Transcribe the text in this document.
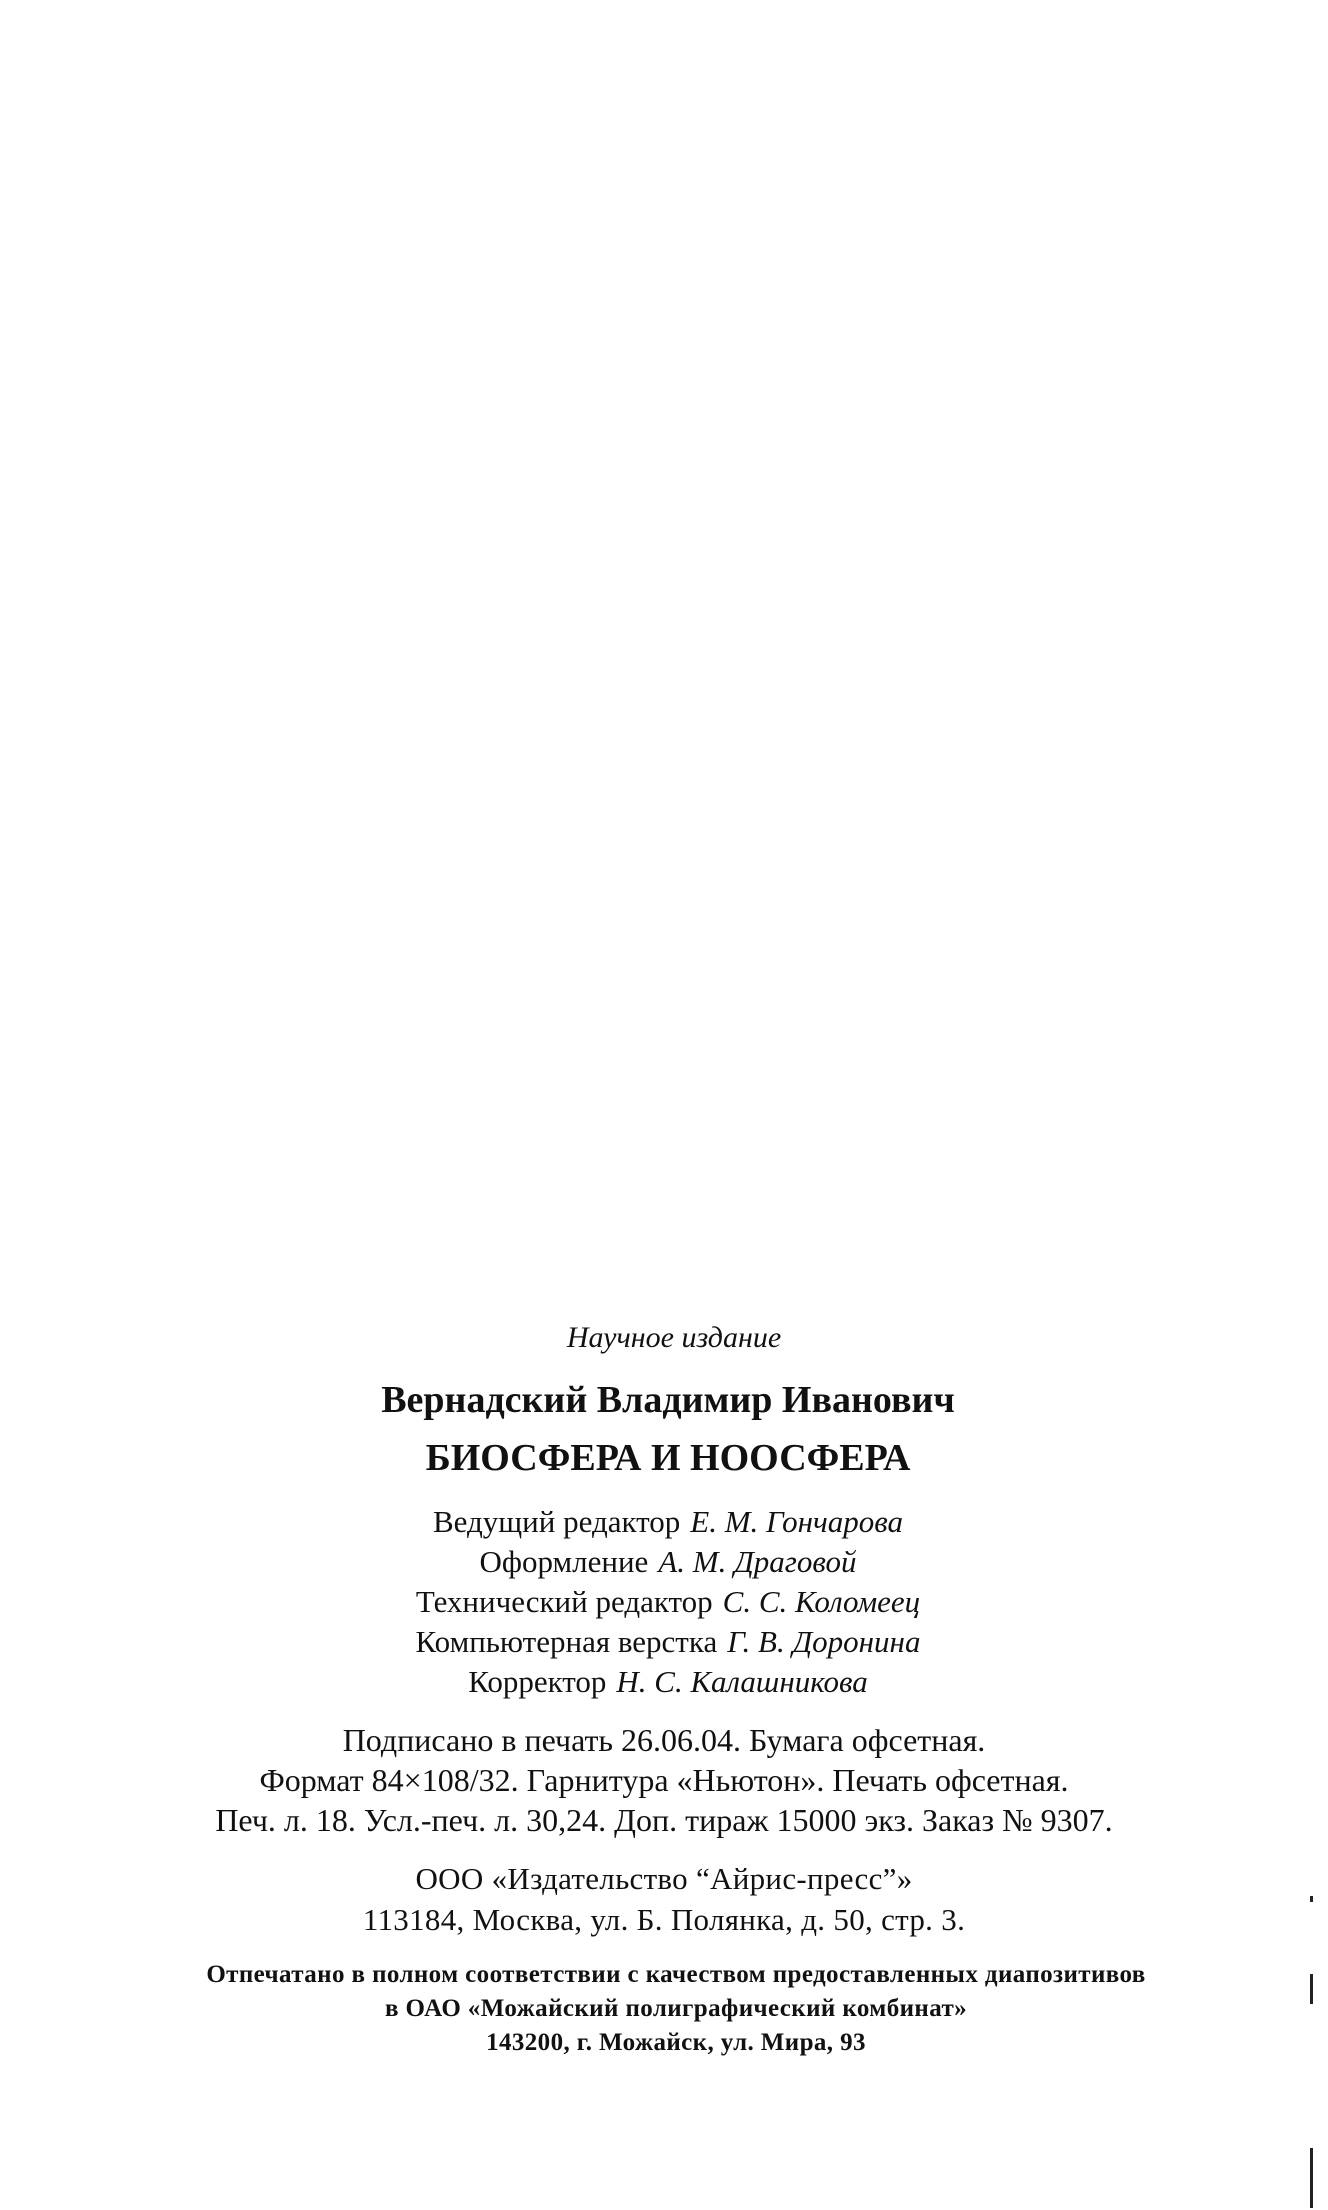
Научное издание
Вернадский Владимир Иванович
БИОСФЕРА И НООСФЕРА
Ведущий редактор Е. М. Гончарова
Оформление А. М. Драговой
Технический редактор С. С. Коломеец
Компьютерная верстка Г. В. Доронина
Корректор Н. С. Калашникова
Подписано в печать 26.06.04. Бумага офсетная.
Формат 84×108/32. Гарнитура «Ньютон». Печать офсетная.
Печ. л. 18. Усл.-печ. л. 30,24. Доп. тираж 15000 экз. Заказ № 9307.
ООО «Издательство “Айрис-пресс”»
113184, Москва, ул. Б. Полянка, д. 50, стр. 3.
Отпечатано в полном соответствии с качеством предоставленных диапозитивов
в ОАО «Можайский полиграфический комбинат»
143200, г. Можайск, ул. Мира, 93
